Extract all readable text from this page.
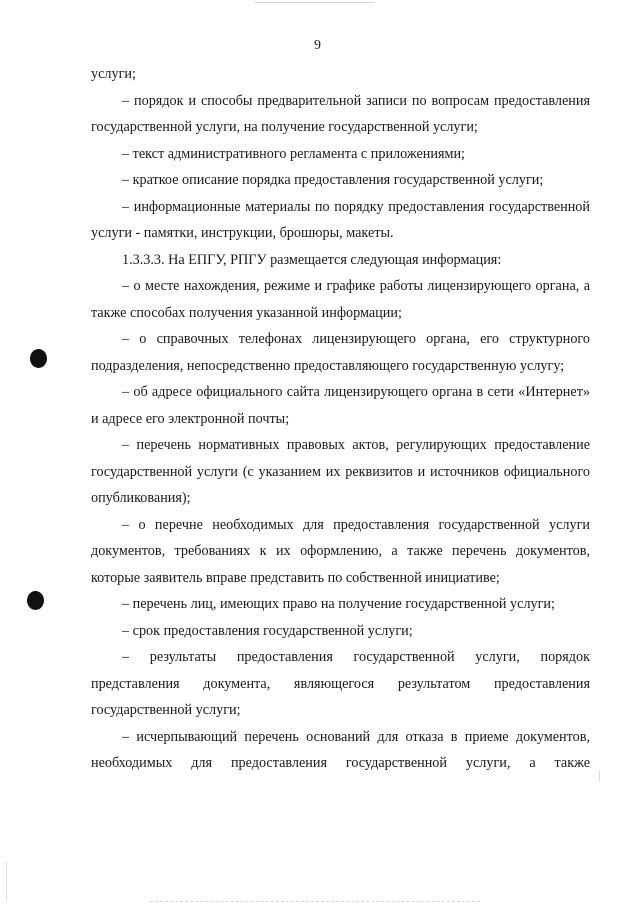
9

услуги;

– порядок и способы предварительной записи по вопросам предоставления государственной услуги, на получение государственной услуги;

– текст административного регламента с приложениями;

– краткое описание порядка предоставления государственной услуги;

– информационные материалы по порядку предоставления государственной услуги - памятки, инструкции, брошюры, макеты.

1.3.3.3. На ЕПГУ, РПГУ размещается следующая информация:

– о месте нахождения, режиме и графике работы лицензирующего органа, а также способах получения указанной информации;

– о справочных телефонах лицензирующего органа, его структурного подразделения, непосредственно предоставляющего государственную услугу;

– об адресе официального сайта лицензирующего органа в сети «Интернет» и адресе его электронной почты;

– перечень нормативных правовых актов, регулирующих предоставление государственной услуги (с указанием их реквизитов и источников официального опубликования);

– о перечне необходимых для предоставления государственной услуги документов, требованиях к их оформлению, а также перечень документов, которые заявитель вправе представить по собственной инициативе;

– перечень лиц, имеющих право на получение государственной услуги;

– срок предоставления государственной услуги;

– результаты предоставления государственной услуги, порядок представления документа, являющегося результатом предоставления государственной услуги;

– исчерпывающий перечень оснований для отказа в приеме документов, необходимых для предоставления государственной услуги, а также
